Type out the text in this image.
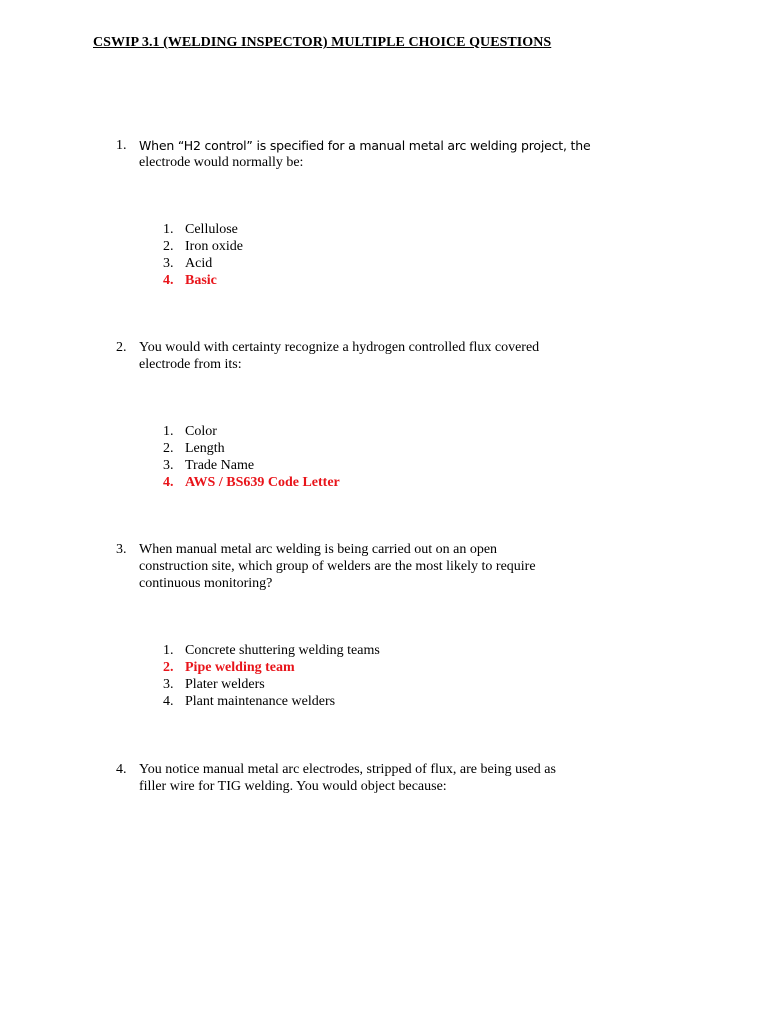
CSWIP 3.1 (WELDING INSPECTOR) MULTIPLE CHOICE QUESTIONS
1. When “H2 control” is specified for a manual metal arc welding project, the
electrode would normally be:
1. Cellulose
2. Iron oxide
3. Acid
4. Basic
2. You would with certainty recognize a hydrogen controlled flux covered
electrode from its:
1. Color
2. Length
3. Trade Name
4. AWS / BS639 Code Letter
3. When manual metal arc welding is being carried out on an open
construction site, which group of welders are the most likely to require
continuous monitoring?
1. Concrete shuttering welding teams
2. Pipe welding team
3. Plater welders
4. Plant maintenance welders
4. You notice manual metal arc electrodes, stripped of flux, are being used as
filler wire for TIG welding. You would object because:
